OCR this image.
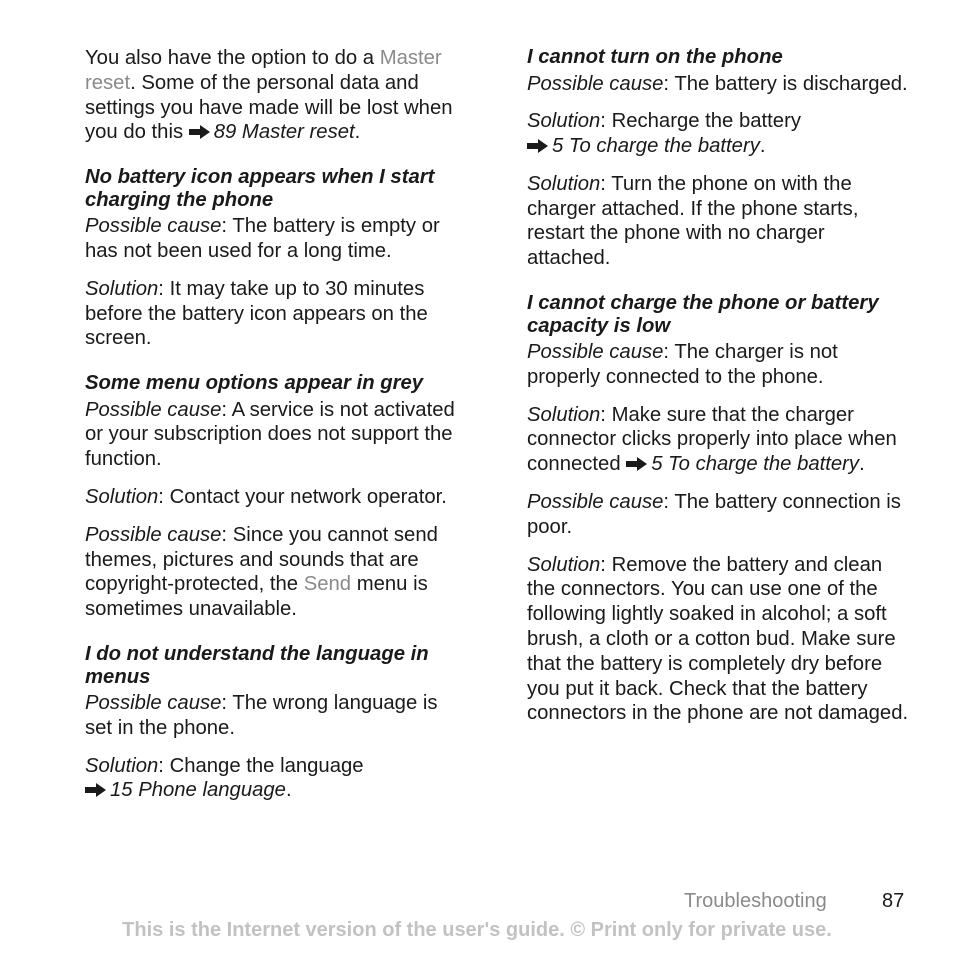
You also have the option to do a Master reset. Some of the personal data and settings you have made will be lost when you do this 89 Master reset.

No battery icon appears when I start charging the phone

Possible cause: The battery is empty or has not been used for a long time.

Solution: It may take up to 30 minutes before the battery icon appears on the screen.

Some menu options appear in grey

Possible cause: A service is not activated or your subscription does not support the function.

Solution: Contact your network operator.

Possible cause: Since you cannot send themes, pictures and sounds that are copyright-protected, the Send menu is sometimes unavailable.

I do not understand the language in menus

Possible cause: The wrong language is set in the phone.

Solution: Change the language
15 Phone language.

I cannot turn on the phone

Possible cause: The battery is discharged.

Solution: Recharge the battery
5 To charge the battery.

Solution: Turn the phone on with the charger attached. If the phone starts, restart the phone with no charger attached.

I cannot charge the phone or battery capacity is low

Possible cause: The charger is not properly connected to the phone.

Solution: Make sure that the charger connector clicks properly into place when connected 5 To charge the battery.

Possible cause: The battery connection is poor.

Solution: Remove the battery and clean the connectors. You can use one of the following lightly soaked in alcohol; a soft brush, a cloth or a cotton bud. Make sure that the battery is completely dry before you put it back. Check that the battery connectors in the phone are not damaged.

Troubleshooting	87
This is the Internet version of the user's guide. © Print only for private use.
